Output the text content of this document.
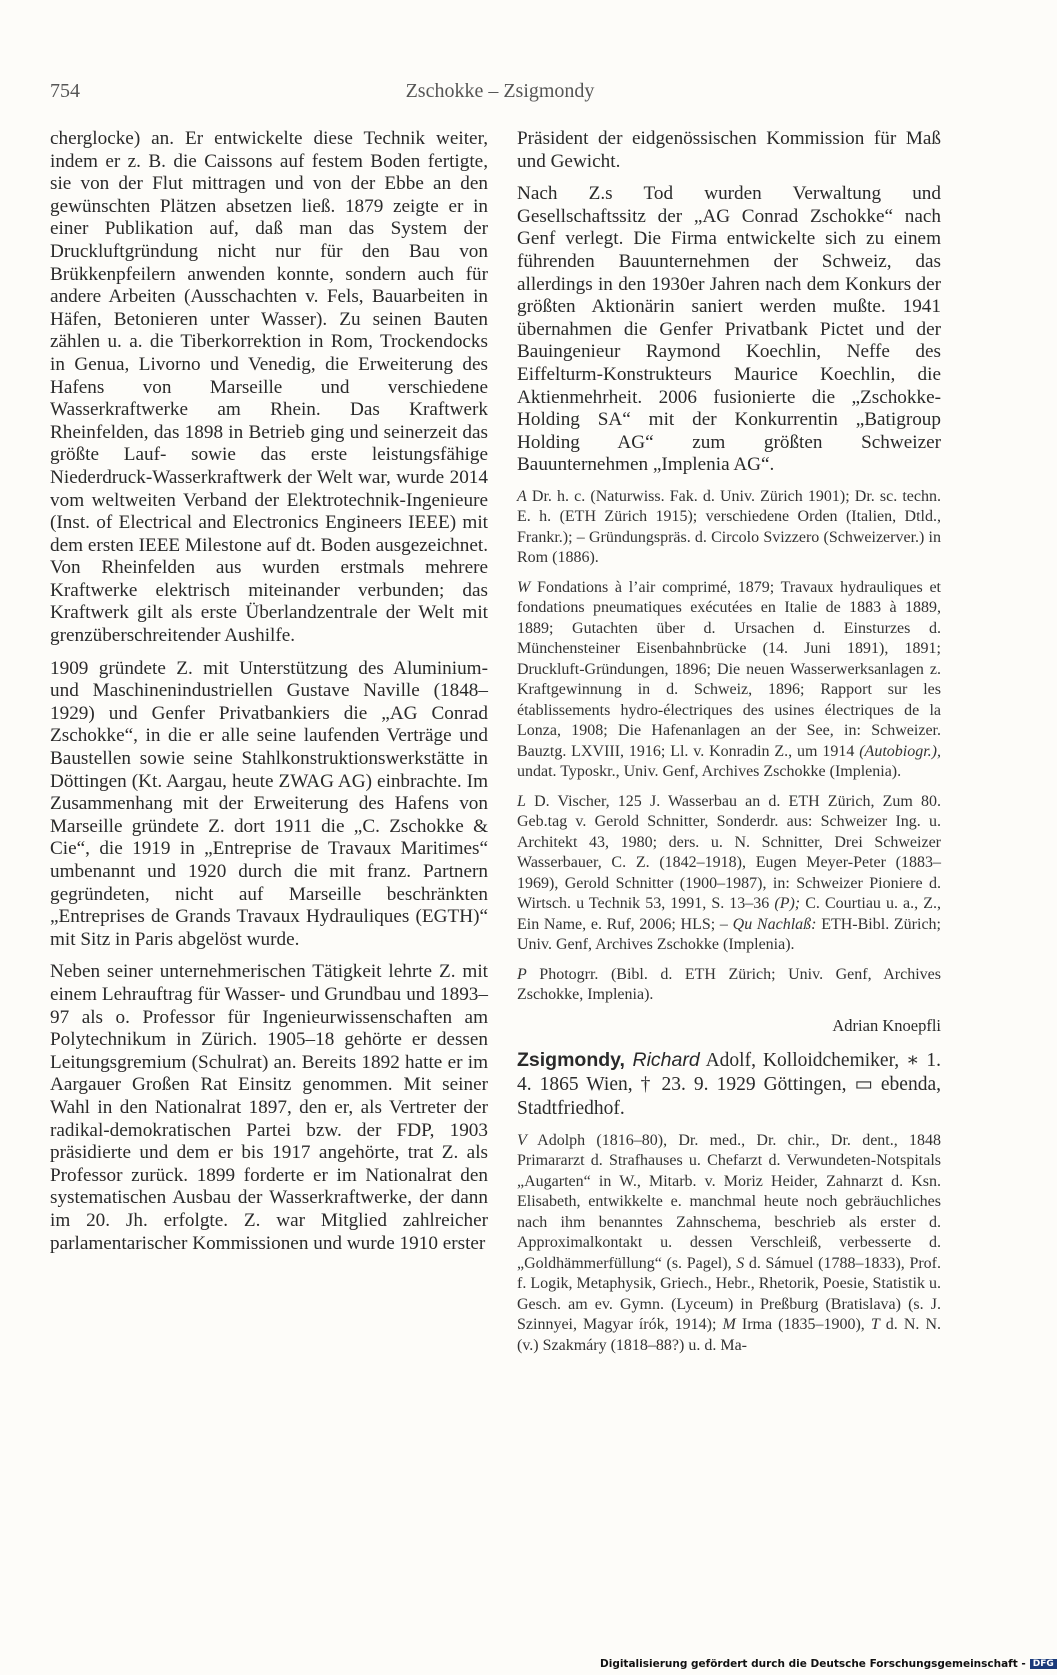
754	Zschokke – Zsigmondy

cherglocke) an. Er entwickelte diese Technik weiter, indem er z. B. die Caissons auf festem Boden fertigte, sie von der Flut mittragen und von der Ebbe an den gewünschten Plätzen absetzen ließ. 1879 zeigte er in einer Publikation auf, daß man das System der Druckluftgründung nicht nur für den Bau von Brükkenpfeilern anwenden konnte, sondern auch für andere Arbeiten (Ausschachten v. Fels, Bauarbeiten in Häfen, Betonieren unter Wasser). Zu seinen Bauten zählen u. a. die Tiberkorrektion in Rom, Trockendocks in Genua, Livorno und Venedig, die Erweiterung des Hafens von Marseille und verschiedene Wasserkraftwerke am Rhein. Das Kraftwerk Rheinfelden, das 1898 in Betrieb ging und seinerzeit das größte Lauf- sowie das erste leistungsfähige Niederdruck-Wasserkraftwerk der Welt war, wurde 2014 vom weltweiten Verband der Elektrotechnik-Ingenieure (Inst. of Electrical and Electronics Engineers IEEE) mit dem ersten IEEE Milestone auf dt. Boden ausgezeichnet. Von Rheinfelden aus wurden erstmals mehrere Kraftwerke elektrisch miteinander verbunden; das Kraftwerk gilt als erste Überlandzentrale der Welt mit grenzüberschreitender Aushilfe.

1909 gründete Z. mit Unterstützung des Aluminium- und Maschinenindustriellen Gustave Naville (1848–1929) und Genfer Privatbankiers die „AG Conrad Zschokke“, in die er alle seine laufenden Verträge und Baustellen sowie seine Stahlkonstruktionswerkstätte in Döttingen (Kt. Aargau, heute ZWAG AG) einbrachte. Im Zusammenhang mit der Erweiterung des Hafens von Marseille gründete Z. dort 1911 die „C. Zschokke & Cie“, die 1919 in „Entreprise de Travaux Maritimes“ umbenannt und 1920 durch die mit franz. Partnern gegründeten, nicht auf Marseille beschränkten „Entreprises de Grands Travaux Hydrauliques (EGTH)“ mit Sitz in Paris abgelöst wurde.

Neben seiner unternehmerischen Tätigkeit lehrte Z. mit einem Lehrauftrag für Wasser- und Grundbau und 1893–97 als o. Professor für Ingenieurwissenschaften am Polytechnikum in Zürich. 1905–18 gehörte er dessen Leitungsgremium (Schulrat) an. Bereits 1892 hatte er im Aargauer Großen Rat Einsitz genommen. Mit seiner Wahl in den Nationalrat 1897, den er, als Vertreter der radikal-demokratischen Partei bzw. der FDP, 1903 präsidierte und dem er bis 1917 angehörte, trat Z. als Professor zurück. 1899 forderte er im Nationalrat den systematischen Ausbau der Wasserkraftwerke, der dann im 20. Jh. erfolgte. Z. war Mitglied zahlreicher parlamentarischer Kommissionen und wurde 1910 erster

Präsident der eidgenössischen Kommission für Maß und Gewicht.

Nach Z.s Tod wurden Verwaltung und Gesellschaftssitz der „AG Conrad Zschokke“ nach Genf verlegt. Die Firma entwickelte sich zu einem führenden Bauunternehmen der Schweiz, das allerdings in den 1930er Jahren nach dem Konkurs der größten Aktionärin saniert werden mußte. 1941 übernahmen die Genfer Privatbank Pictet und der Bauingenieur Raymond Koechlin, Neffe des Eiffelturm-Konstrukteurs Maurice Koechlin, die Aktienmehrheit. 2006 fusionierte die „Zschokke-Holding SA“ mit der Konkurrentin „Batigroup Holding AG“ zum größten Schweizer Bauunternehmen „Implenia AG“.

A Dr. h. c. (Naturwiss. Fak. d. Univ. Zürich 1901); Dr. sc. techn. E. h. (ETH Zürich 1915); verschiedene Orden (Italien, Dtld., Frankr.); – Gründungspräs. d. Circolo Svizzero (Schweizerver.) in Rom (1886).

W Fondations à l’air comprimé, 1879; Travaux hydrauliques et fondations pneumatiques exécutées en Italie de 1883 à 1889, 1889; Gutachten über d. Ursachen d. Einsturzes d. Münchensteiner Eisenbahnbrücke (14. Juni 1891), 1891; Druckluft-Gründungen, 1896; Die neuen Wasserwerksanlagen z. Kraftgewinnung in d. Schweiz, 1896; Rapport sur les établissements hydro-électriques des usines électriques de la Lonza, 1908; Die Hafenanlagen an der See, in: Schweizer. Bauztg. LXVIII, 1916; Ll. v. Konradin Z., um 1914 (Autobiogr.), undat. Typoskr., Univ. Genf, Archives Zschokke (Implenia).

L D. Vischer, 125 J. Wasserbau an d. ETH Zürich, Zum 80. Geb.tag v. Gerold Schnitter, Sonderdr. aus: Schweizer Ing. u. Architekt 43, 1980; ders. u. N. Schnitter, Drei Schweizer Wasserbauer, C. Z. (1842–1918), Eugen Meyer-Peter (1883–1969), Gerold Schnitter (1900–1987), in: Schweizer Pioniere d. Wirtsch. u Technik 53, 1991, S. 13–36 (P); C. Courtiau u. a., Z., Ein Name, e. Ruf, 2006; HLS; – Qu Nachlaß: ETH-Bibl. Zürich; Univ. Genf, Archives Zschokke (Implenia).

P Photogrr. (Bibl. d. ETH Zürich; Univ. Genf, Archives Zschokke, Implenia).

Adrian Knoepfli

Zsigmondy, Richard Adolf, Kolloidchemiker, ∗ 1. 4. 1865 Wien, † 23. 9. 1929 Göttingen, ▭ ebenda, Stadtfriedhof.

V Adolph (1816–80), Dr. med., Dr. chir., Dr. dent., 1848 Primararzt d. Strafhauses u. Chefarzt d. Verwundeten-Notspitals „Augarten“ in W., Mitarb. v. Moriz Heider, Zahnarzt d. Ksn. Elisabeth, entwikkelte e. manchmal heute noch gebräuchliches nach ihm benanntes Zahnschema, beschrieb als erster d. Approximalkontakt u. dessen Verschleiß, verbesserte d. „Goldhämmerfüllung“ (s. Pagel), S d. Sámuel (1788–1833), Prof. f. Logik, Metaphysik, Griech., Hebr., Rhetorik, Poesie, Statistik u. Gesch. am ev. Gymn. (Lyceum) in Preßburg (Bratislava) (s. J. Szinnyei, Magyar írók, 1914); M Irma (1835–1900), T d. N. N. (v.) Szakmáry (1818–88?) u. d. Ma-

Digitalisierung gefördert durch die Deutsche Forschungsgemeinschaft - DFG
